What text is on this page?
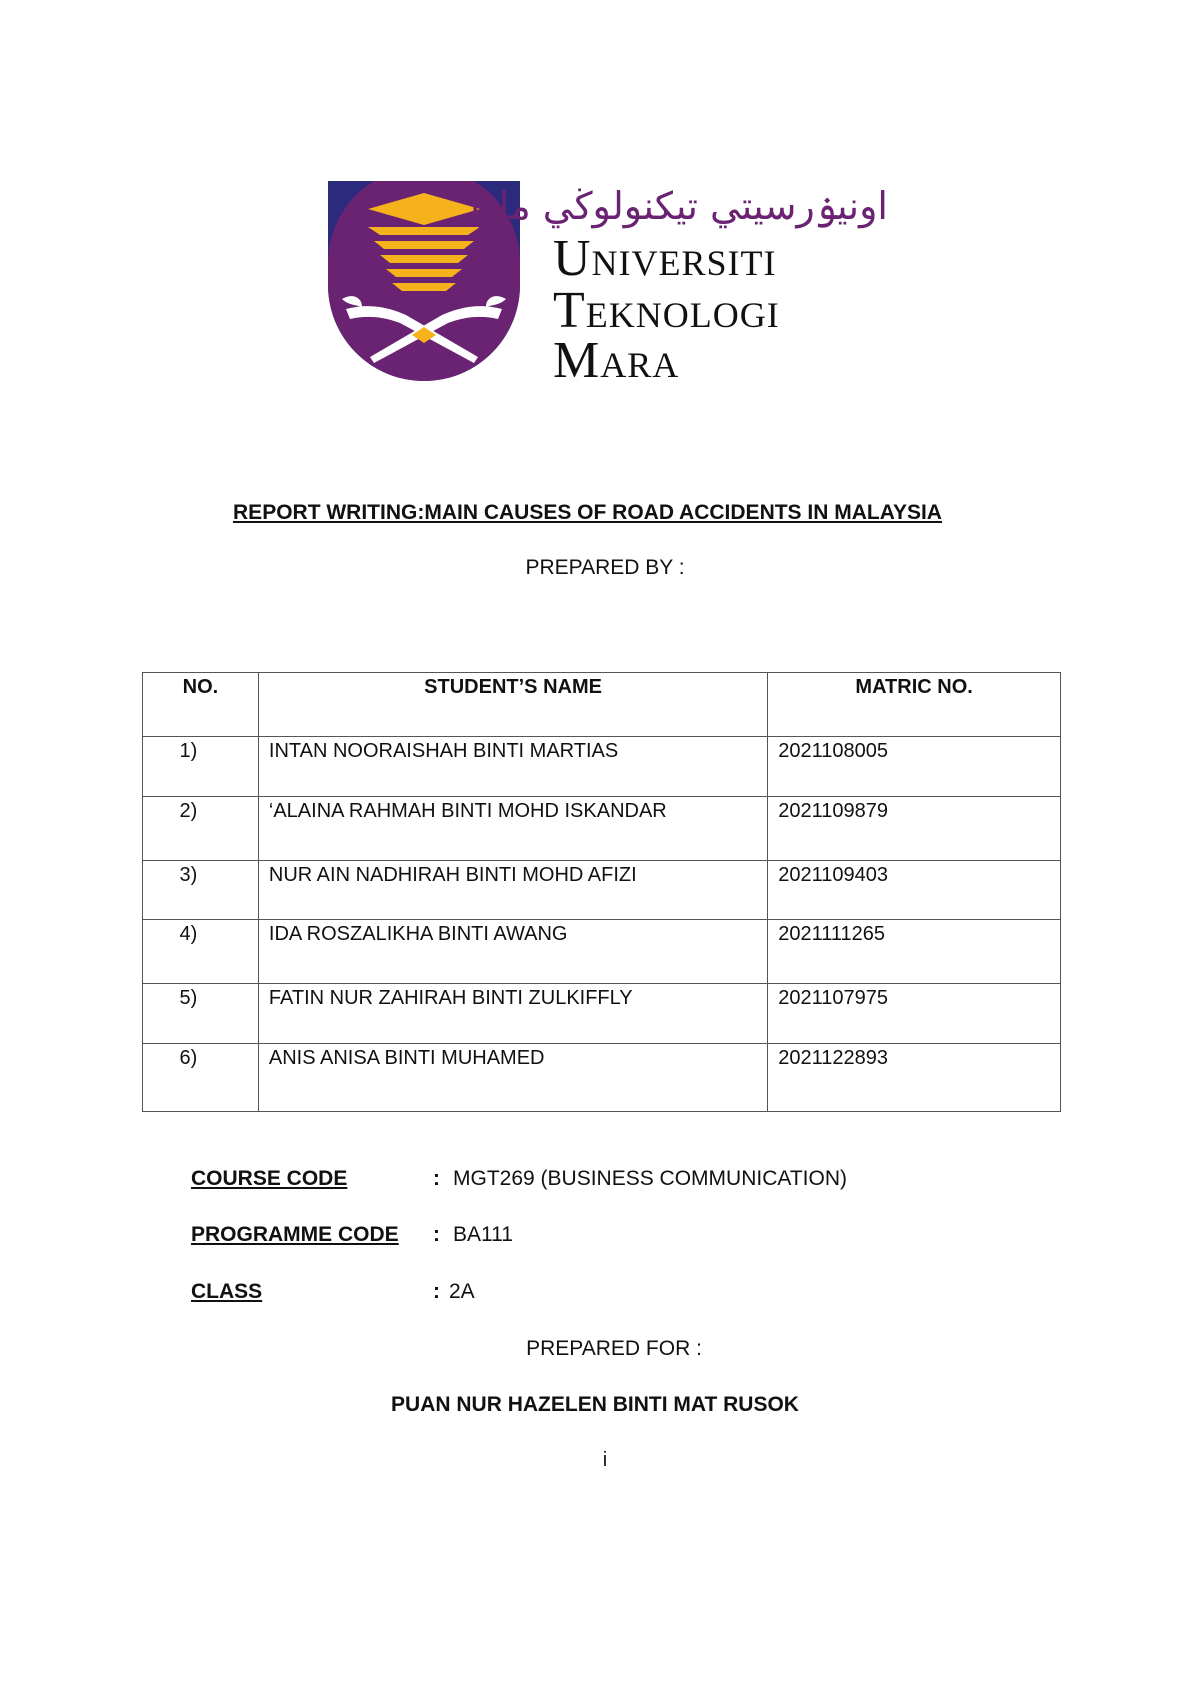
اونيۏرسيتي تيكنولوڬي مارا
Universiti
Teknologi
Mara
REPORT WRITING:MAIN CAUSES OF ROAD ACCIDENTS IN MALAYSIA
PREPARED BY :
NO.	STUDENT’S NAME	MATRIC NO.
1)	INTAN NOORAISHAH BINTI MARTIAS	2021108005
2)	‘ALAINA RAHMAH BINTI MOHD ISKANDAR	2021109879
3)	NUR AIN NADHIRAH BINTI MOHD AFIZI	2021109403
4)	IDA ROSZALIKHA BINTI AWANG	2021111265
5)	FATIN NUR ZAHIRAH BINTI ZULKIFFLY	2021107975
6)	ANIS ANISA BINTI MUHAMED	2021122893
COURSE CODE	: MGT269 (BUSINESS COMMUNICATION)
PROGRAMME CODE : BA111
CLASS	: 2A
PREPARED FOR :
PUAN NUR HAZELEN BINTI MAT RUSOK
i
